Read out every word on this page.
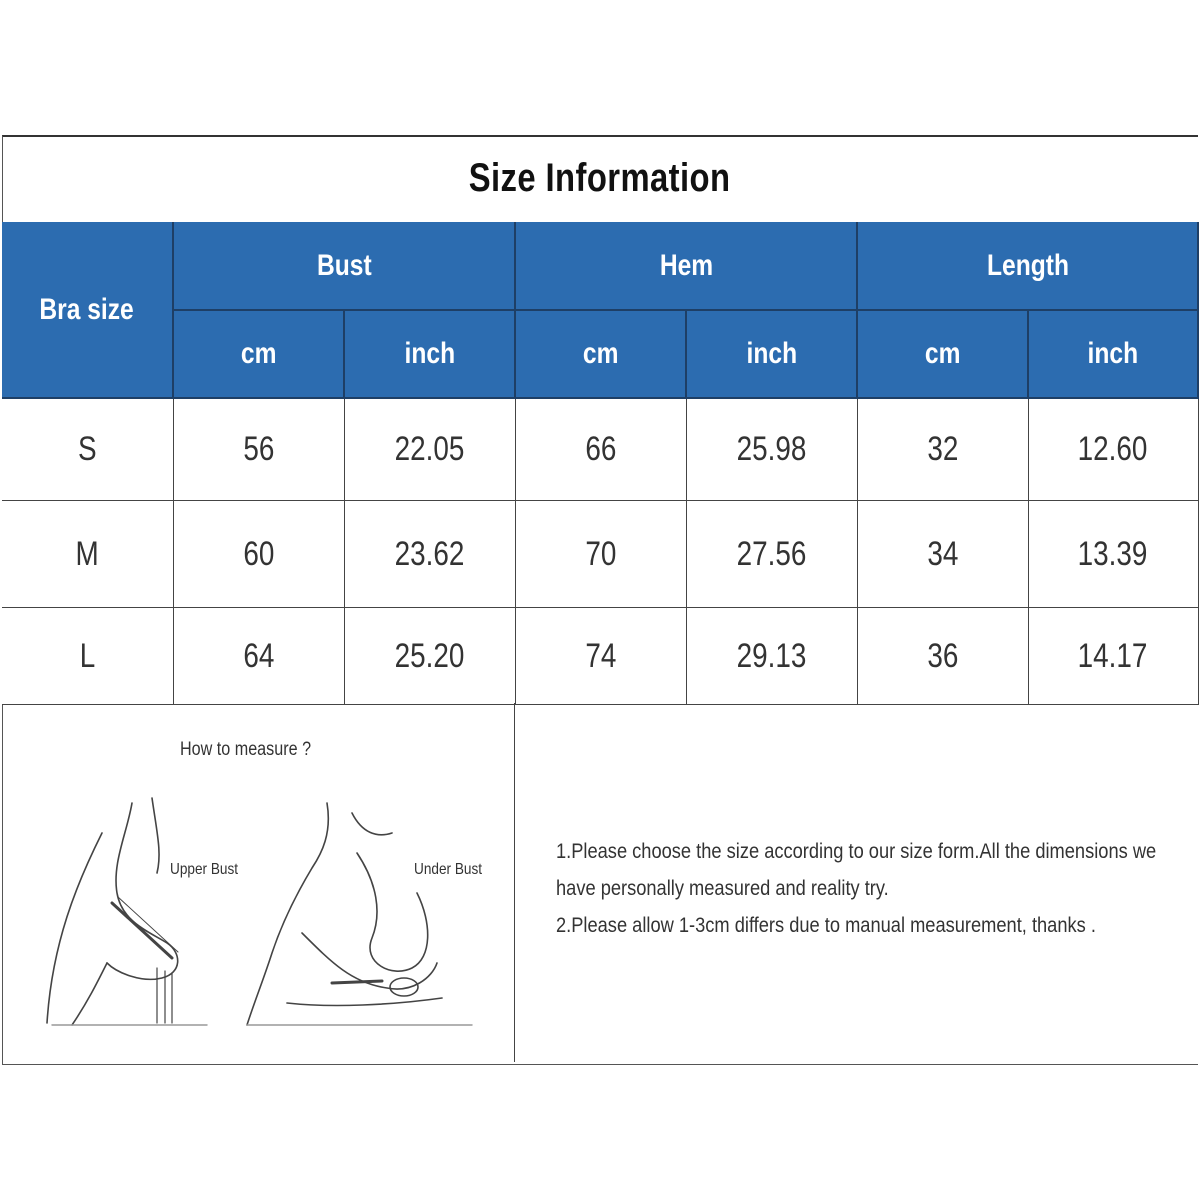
Size Information
Bra size	Bust		Hem		Length	
	cm	inch	cm	inch	cm	inch
S	56	22.05	66	25.98	32	12.60
M	60	23.62	70	27.56	34	13.39
L	64	25.20	74	29.13	36	14.17
How to measure ?
Upper Bust	Under Bust

1.Please choose the size according to our size form.All the dimensions we

have personally measured and reality try.

2.Please allow 1-3cm differs due to manual measurement, thanks .
